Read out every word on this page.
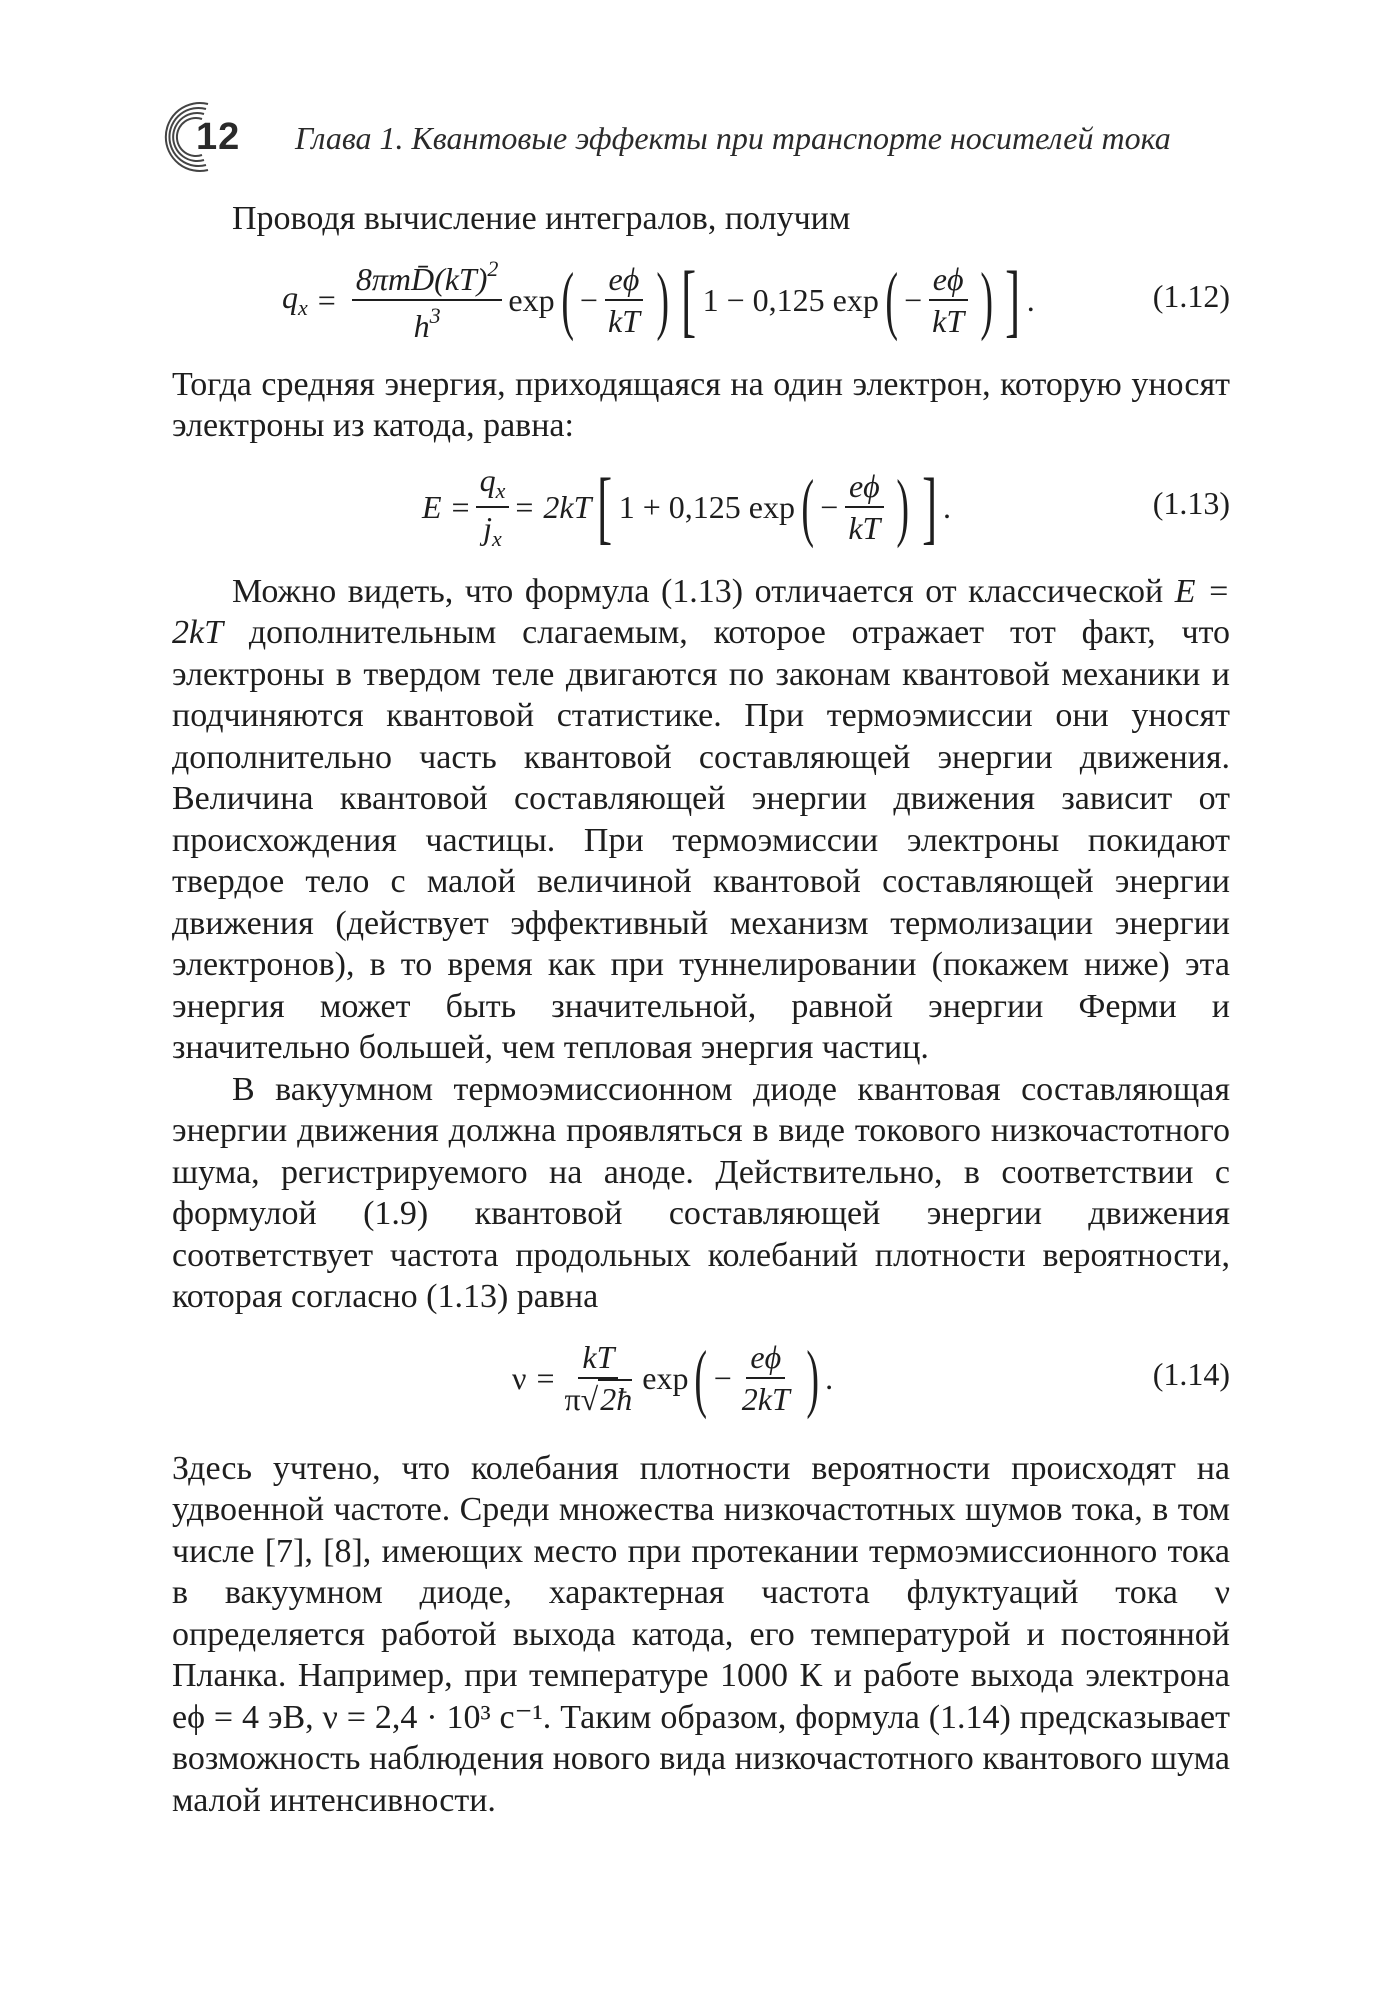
12 Глава 1. Квантовые эффекты при транспорте носителей тока

Проводя вычисление интегралов, получим

$q_x = \frac{8\pi mD̄(kT)^2}{h^3}$ exp ( − $\frac{e\phi}{kT}$ ) [ 1 − 0,125 exp ( − $\frac{e\phi}{kT}$ ) ] .	(1.12)

Тогда средняя энергия, приходящаяся на один электрон, которую уносят электроны из катода, равна:

$E = \frac{q_x}{j_x} = 2kT$ [ 1 + 0,125 exp ( − $\frac{e\phi}{kT}$ ) ] .	(1.13)

Можно видеть, что формула (1.13) отличается от классической E = 2kT дополнительным слагаемым, которое отражает тот факт, что электроны в твердом теле двигаются по законам квантовой механики и подчиняются квантовой статистике. При термоэмиссии они уносят дополнительно часть квантовой составляющей энергии движения. Величина квантовой составляющей энергии движения зависит от происхождения частицы. При термоэмиссии электроны покидают твердое тело с малой величиной квантовой составляющей энергии движения (действует эффективный механизм термолизации энергии электронов), в то время как при туннелировании (покажем ниже) эта энергия может быть значительной, равной энергии Ферми и значительно большей, чем тепловая энергия частиц.

В вакуумном термоэмиссионном диоде квантовая составляющая энергии движения должна проявляться в виде токового низкочастотного шума, регистрируемого на аноде. Действительно, в соответствии с формулой (1.9) квантовой составляющей энергии движения соответствует частота продольных колебаний плотности вероятности, которая согласно (1.13) равна

$\nu = \frac{kT}{\pi√2ħ}$ exp ( − $\frac{e\phi}{2kT}$ ) .	(1.14)

Здесь учтено, что колебания плотности вероятности происходят на удвоенной частоте. Среди множества низкочастотных шумов тока, в том числе [7], [8], имеющих место при протекании термоэмиссионного тока в вакуумном диоде, характерная частота флуктуаций тока ν определяется работой выхода катода, его температурой и постоянной Планка. Например, при температуре 1000 К и работе выхода электрона eϕ = 4 эВ, ν = 2,4 · 10³ с⁻¹. Таким образом, формула (1.14) предсказывает возможность наблюдения нового вида низкочастотного квантового шума малой интенсивности.
